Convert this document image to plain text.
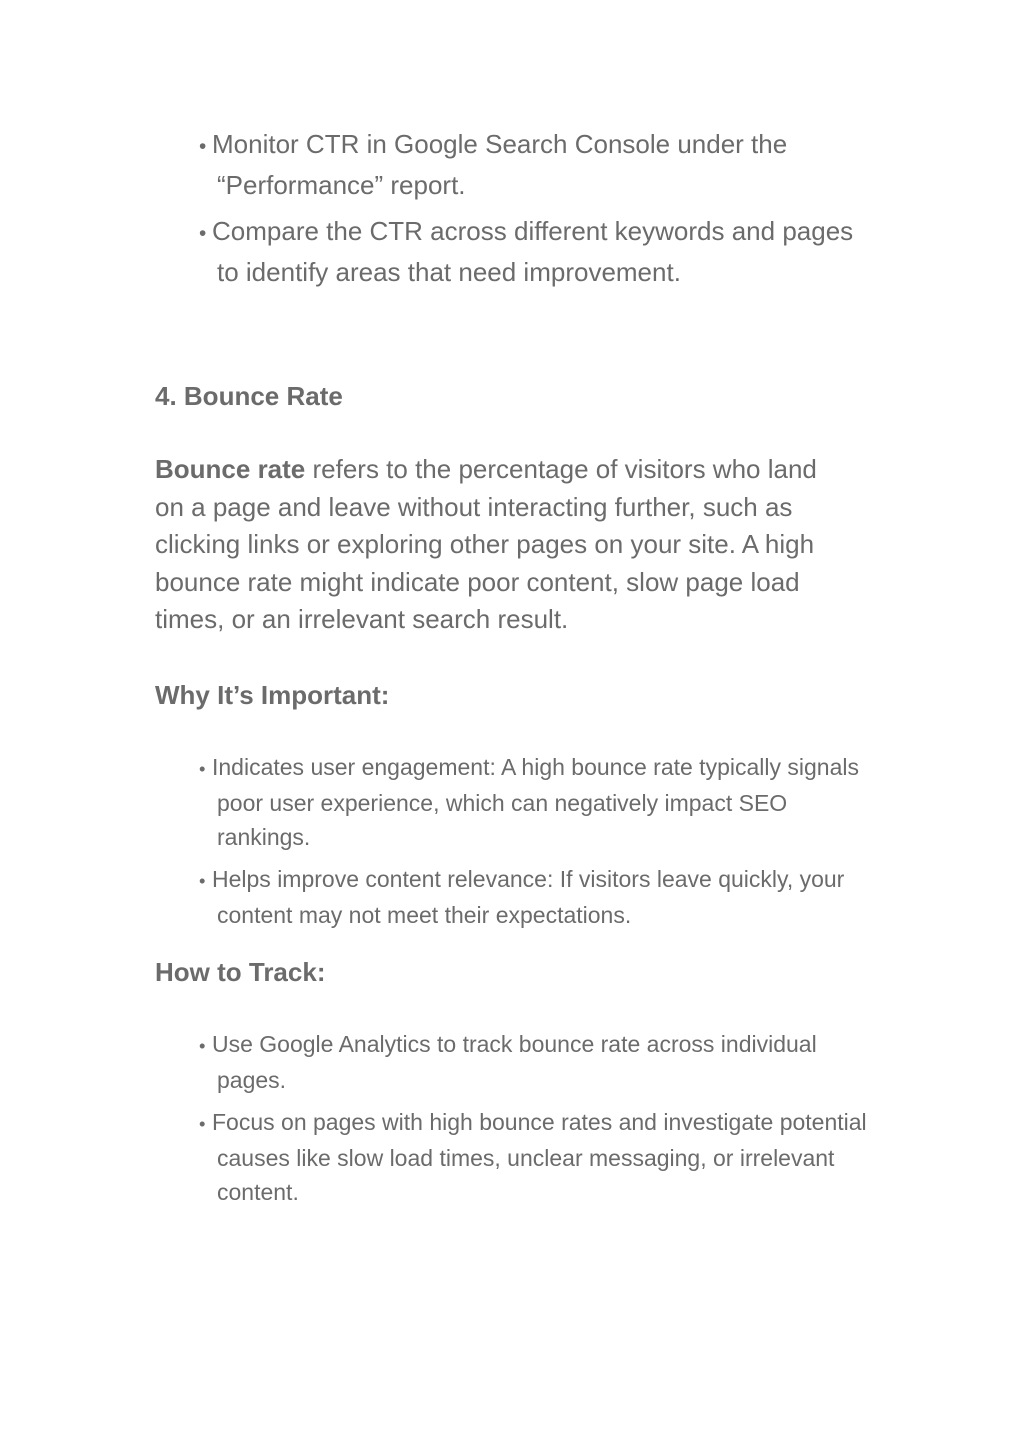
• Monitor CTR in Google Search Console under the “Performance” report.
• Compare the CTR across different keywords and pages to identify areas that need improvement.
4. Bounce Rate

Bounce rate refers to the percentage of visitors who land on a page and leave without interacting further, such as clicking links or exploring other pages on your site. A high bounce rate might indicate poor content, slow page load times, or an irrelevant search result.

Why It’s Important:
• Indicates user engagement: A high bounce rate typically signals poor user experience, which can negatively impact SEO rankings.
• Helps improve content relevance: If visitors leave quickly, your content may not meet their expectations.
How to Track:
• Use Google Analytics to track bounce rate across individual pages.
• Focus on pages with high bounce rates and investigate potential causes like slow load times, unclear messaging, or irrelevant content.
